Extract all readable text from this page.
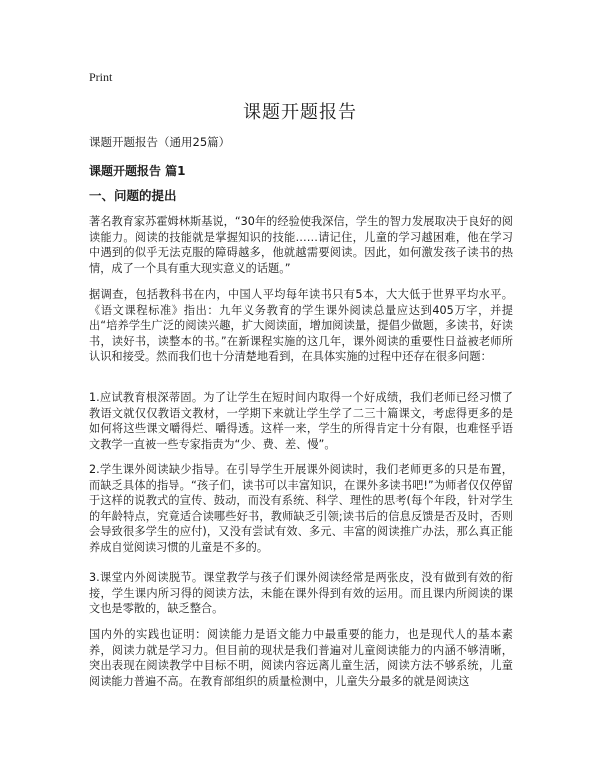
Print
课题开题报告

课题开题报告（通用25篇）

课题开题报告 篇1
一、问题的提出

著名教育家苏霍姆林斯基说，“30年的经验使我深信，学生的智力发展取决于良好的阅读能力。阅读的技能就是掌握知识的技能……请记住，儿童的学习越困难，他在学习中遇到的似乎无法克服的障碍越多，他就越需要阅读。因此，如何激发孩子读书的热情，成了一个具有重大现实意义的话题。”

据调查，包括教科书在内，中国人平均每年读书只有5本，大大低于世界平均水平。《语文课程标准》指出：九年义务教育的学生课外阅读总量应达到405万字，并提出“培养学生广泛的阅读兴趣，扩大阅读面，增加阅读量，提倡少做题，多读书，好读书，读好书，读整本的书。”在新课程实施的这几年，课外阅读的重要性日益被老师所认识和接受。然而我们也十分清楚地看到，在具体实施的过程中还存在很多问题：

1.应试教育根深蒂固。为了让学生在短时间内取得一个好成绩，我们老师已经习惯了教语文就仅仅教语文教材，一学期下来就让学生学了二三十篇课文，考虑得更多的是如何将这些课文嚼得烂、嚼得透。这样一来，学生的所得肯定十分有限，也难怪乎语文教学一直被一些专家指责为“少、费、差、慢”。

2.学生课外阅读缺少指导。在引导学生开展课外阅读时，我们老师更多的只是布置，而缺乏具体的指导。“孩子们，读书可以丰富知识，在课外多读书吧!”为师者仅仅停留于这样的说教式的宣传、鼓动，而没有系统、科学、理性的思考(每个年段，针对学生的年龄特点，究竟适合读哪些好书，教师缺乏引领;读书后的信息反馈是否及时，否则会导致很多学生的应付)，又没有尝试有效、多元、丰富的阅读推广办法，那么真正能养成自觉阅读习惯的儿童是不多的。

3.课堂内外阅读脱节。课堂教学与孩子们课外阅读经常是两张皮，没有做到有效的衔接，学生课内所习得的阅读方法，未能在课外得到有效的运用。而且课内所阅读的课文也是零散的，缺乏整合。

国内外的实践也证明：阅读能力是语文能力中最重要的能力，也是现代人的基本素养，阅读力就是学习力。但目前的现状是我们普遍对儿童阅读能力的内涵不够清晰，突出表现在阅读教学中目标不明，阅读内容远离儿童生活，阅读方法不够系统，儿童阅读能力普遍不高。在教育部组织的质量检测中，儿童失分最多的就是阅读这
